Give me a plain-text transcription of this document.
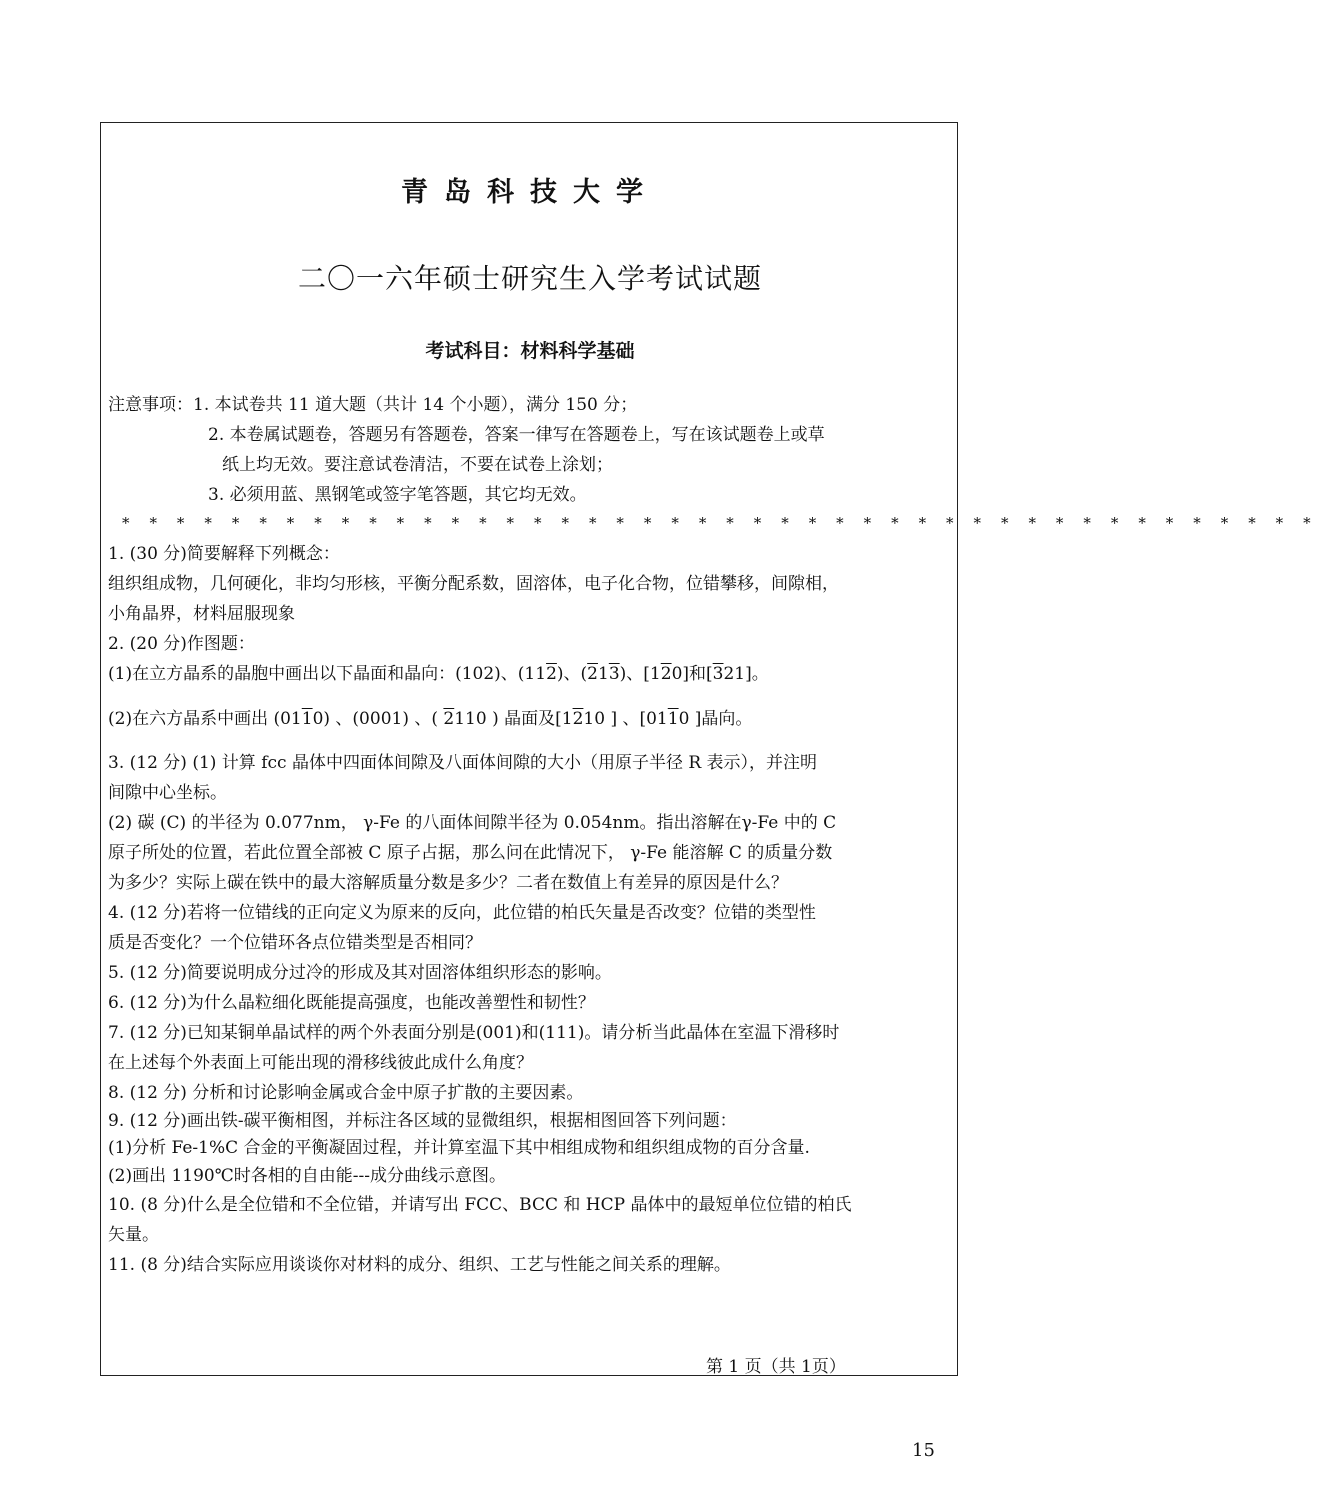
青岛科技大学
二〇一六年硕士研究生入学考试试题
考试科目：材料科学基础
注意事项：1. 本试卷共 11 道大题（共计 14 个小题），满分 150 分；
2. 本卷属试题卷，答题另有答题卷，答案一律写在答题卷上，写在该试题卷上或草
纸上均无效。要注意试卷清洁，不要在试卷上涂划；
3. 必须用蓝、黑钢笔或签字笔答题，其它均无效。
* * * * * * * * * * * * * * * * * * * * * * * * * * * * * * * * * * * * * * * * * * * *
1. (30 分)简要解释下列概念：
组织组成物，几何硬化，非均匀形核，平衡分配系数，固溶体，电子化合物，位错攀移，间隙相，
小角晶界，材料屈服现象
2. (20 分)作图题：
(1)在立方晶系的晶胞中画出以下晶面和晶向：(102)、(112)、(213)、[120]和[321]。
(2)在六方晶系中画出 (0110) 、(0001) 、( 2110 ) 晶面及[1210 ] 、[0110 ]晶向。
3. (12 分) (1) 计算 fcc 晶体中四面体间隙及八面体间隙的大小（用原子半径 R 表示），并注明
间隙中心坐标。
(2) 碳 (C) 的半径为 0.077nm， γ-Fe 的八面体间隙半径为 0.054nm。指出溶解在γ-Fe 中的 C
原子所处的位置，若此位置全部被 C 原子占据，那么问在此情况下， γ-Fe 能溶解 C 的质量分数
为多少？实际上碳在铁中的最大溶解质量分数是多少？二者在数值上有差异的原因是什么？
4. (12 分)若将一位错线的正向定义为原来的反向，此位错的柏氏矢量是否改变？位错的类型性
质是否变化？一个位错环各点位错类型是否相同？
5. (12 分)简要说明成分过冷的形成及其对固溶体组织形态的影响。
6. (12 分)为什么晶粒细化既能提高强度，也能改善塑性和韧性？
7. (12 分)已知某铜单晶试样的两个外表面分别是(001)和(111)。请分析当此晶体在室温下滑移时
在上述每个外表面上可能出现的滑移线彼此成什么角度？
8. (12 分) 分析和讨论影响金属或合金中原子扩散的主要因素。
9. (12 分)画出铁-碳平衡相图，并标注各区域的显微组织，根据相图回答下列问题：
(1)分析 Fe-1%C 合金的平衡凝固过程，并计算室温下其中相组成物和组织组成物的百分含量.
(2)画出 1190℃时各相的自由能---成分曲线示意图。
10. (8 分)什么是全位错和不全位错，并请写出 FCC、BCC 和 HCP 晶体中的最短单位位错的柏氏
矢量。
11. (8 分)结合实际应用谈谈你对材料的成分、组织、工艺与性能之间关系的理解。
第 1 页（共 1页）
15
